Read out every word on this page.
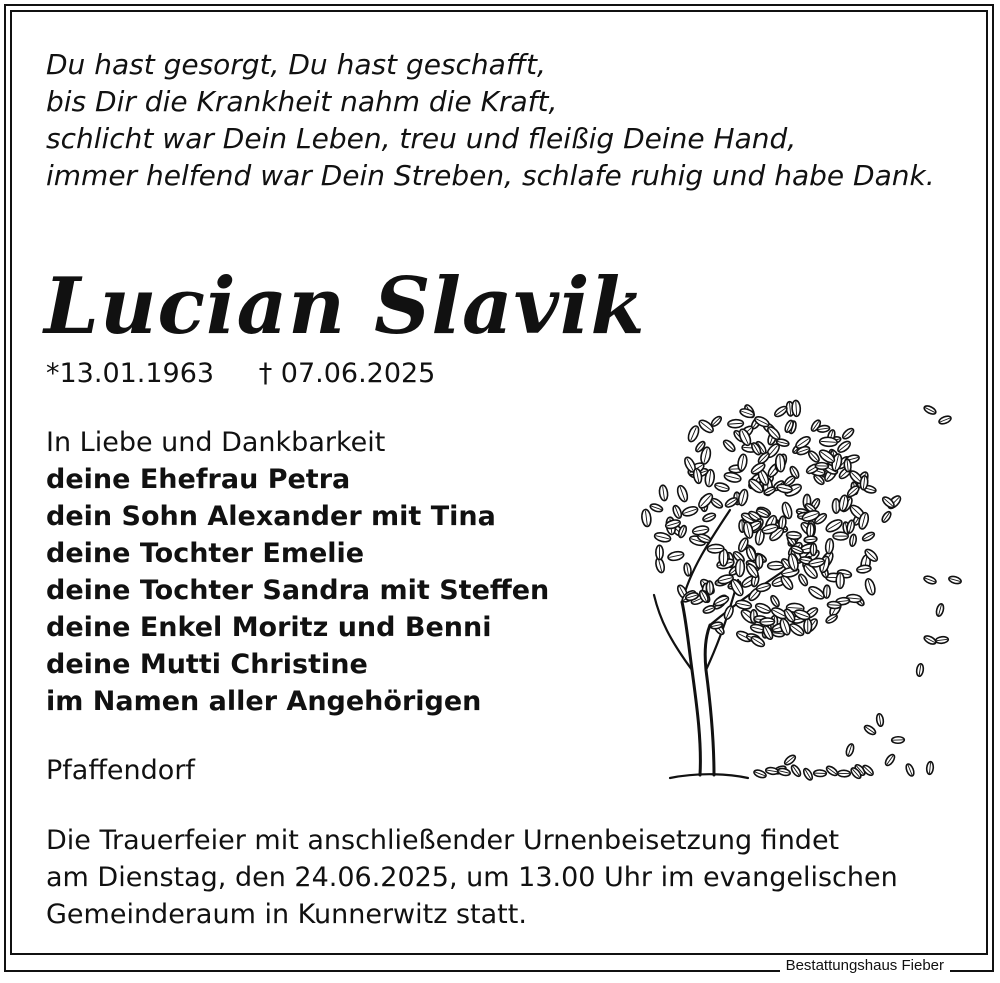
Du hast gesorgt, Du hast geschafft,
bis Dir die Krankheit nahm die Kraft,
schlicht war Dein Leben, treu und fleißig Deine Hand,
immer helfend war Dein Streben, schlafe ruhig und habe Dank.
Lucian Slavik
*13.01.1963 † 07.06.2025
In Liebe und Dankbarkeit
deine Ehefrau Petra
dein Sohn Alexander mit Tina
deine Tochter Emelie
deine Tochter Sandra mit Steffen
deine Enkel Moritz und Benni
deine Mutti Christine
im Namen aller Angehörigen
Pfaffendorf
Die Trauerfeier mit anschließender Urnenbeisetzung findet
am Dienstag, den 24.06.2025, um 13.00 Uhr im evangelischen
Gemeinderaum in Kunnerwitz statt.
Bestattungshaus Fieber
